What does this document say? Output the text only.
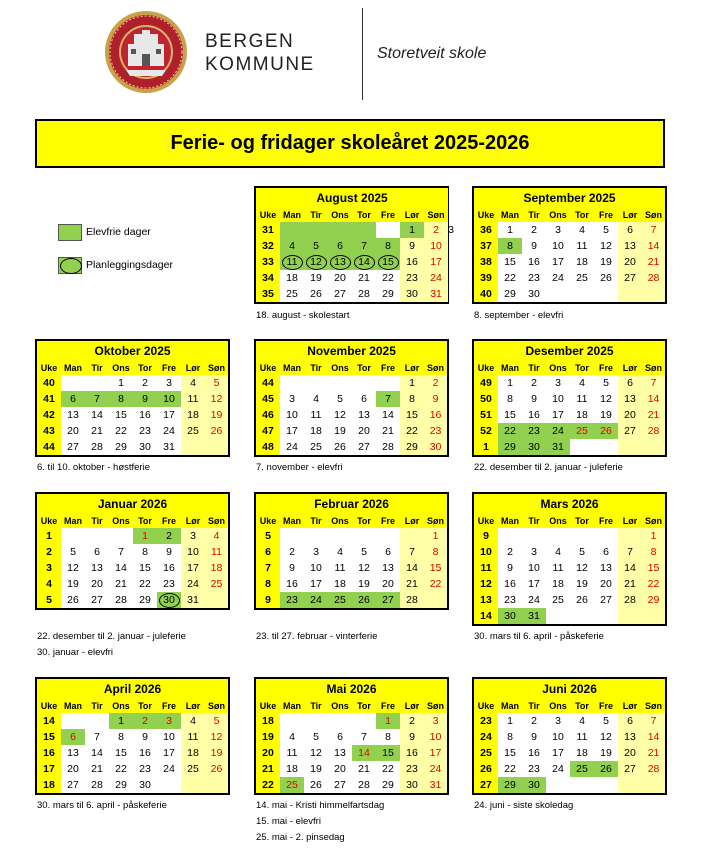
BERGEN
KOMMUNE
Storetveit skole
Ferie- og fridager skoleåret 2025-2026
Elevfrie dager
Planleggingsdager
August 2025								
Uke	Man	Tir	Ons	Tor	Fre	Lør	Søn	
31						1	2	3
32	4	5	6	7	8	9	10	
33	11	12	13	14	15	16	17	
34	18	19	20	21	22	23	24	
35	25	26	27	28	29	30	31	
18. august - skolestart
September 2025							
Uke	Man	Tir	Ons	Tor	Fre	Lør	Søn
36	1	2	3	4	5	6	7
37	8	9	10	11	12	13	14
38	15	16	17	18	19	20	21
39	22	23	24	25	26	27	28
40	29	30					
8. september - elevfri
Oktober 2025							
Uke	Man	Tir	Ons	Tor	Fre	Lør	Søn
40			1	2	3	4	5
41	6	7	8	9	10	11	12
42	13	14	15	16	17	18	19
43	20	21	22	23	24	25	26
44	27	28	29	30	31		
6. til 10. oktober - høstferie
November 2025							
Uke	Man	Tir	Ons	Tor	Fre	Lør	Søn
44						1	2
45	3	4	5	6	7	8	9
46	10	11	12	13	14	15	16
47	17	18	19	20	21	22	23
48	24	25	26	27	28	29	30
7. november - elevfri
Desember 2025							
Uke	Man	Tir	Ons	Tor	Fre	Lør	Søn
49	1	2	3	4	5	6	7
50	8	9	10	11	12	13	14
51	15	16	17	18	19	20	21
52	22	23	24	25	26	27	28
1	29	30	31				
22. desember til 2. januar - juleferie
Januar 2026							
Uke	Man	Tir	Ons	Tor	Fre	Lør	Søn
1				1	2	3	4
2	5	6	7	8	9	10	11
3	12	13	14	15	16	17	18
4	19	20	21	22	23	24	25
5	26	27	28	29	30	31	
22. desember til 2. januar - juleferie
30. januar - elevfri
Februar 2026							
Uke	Man	Tir	Ons	Tor	Fre	Lør	Søn
5							1
6	2	3	4	5	6	7	8
7	9	10	11	12	13	14	15
8	16	17	18	19	20	21	22
9	23	24	25	26	27	28	
23. til 27. februar - vinterferie
Mars 2026							
Uke	Man	Tir	Ons	Tor	Fre	Lør	Søn
9							1
10	2	3	4	5	6	7	8
11	9	10	11	12	13	14	15
12	16	17	18	19	20	21	22
13	23	24	25	26	27	28	29
14	30	31					
30. mars til 6. april - påskeferie
April 2026							
Uke	Man	Tir	Ons	Tor	Fre	Lør	Søn
14			1	2	3	4	5
15	6	7	8	9	10	11	12
16	13	14	15	16	17	18	19
17	20	21	22	23	24	25	26
18	27	28	29	30			
30. mars til 6. april - påskeferie
Mai 2026							
Uke	Man	Tir	Ons	Tor	Fre	Lør	Søn
18					1	2	3
19	4	5	6	7	8	9	10
20	11	12	13	14	15	16	17
21	18	19	20	21	22	23	24
22	25	26	27	28	29	30	31
14. mai - Kristi himmelfartsdag
15. mai - elevfri
25. mai - 2. pinsedag
Juni 2026							
Uke	Man	Tir	Ons	Tor	Fre	Lør	Søn
23	1	2	3	4	5	6	7
24	8	9	10	11	12	13	14
25	15	16	17	18	19	20	21
26	22	23	24	25	26	27	28
27	29	30					
24. juni - siste skoledag
